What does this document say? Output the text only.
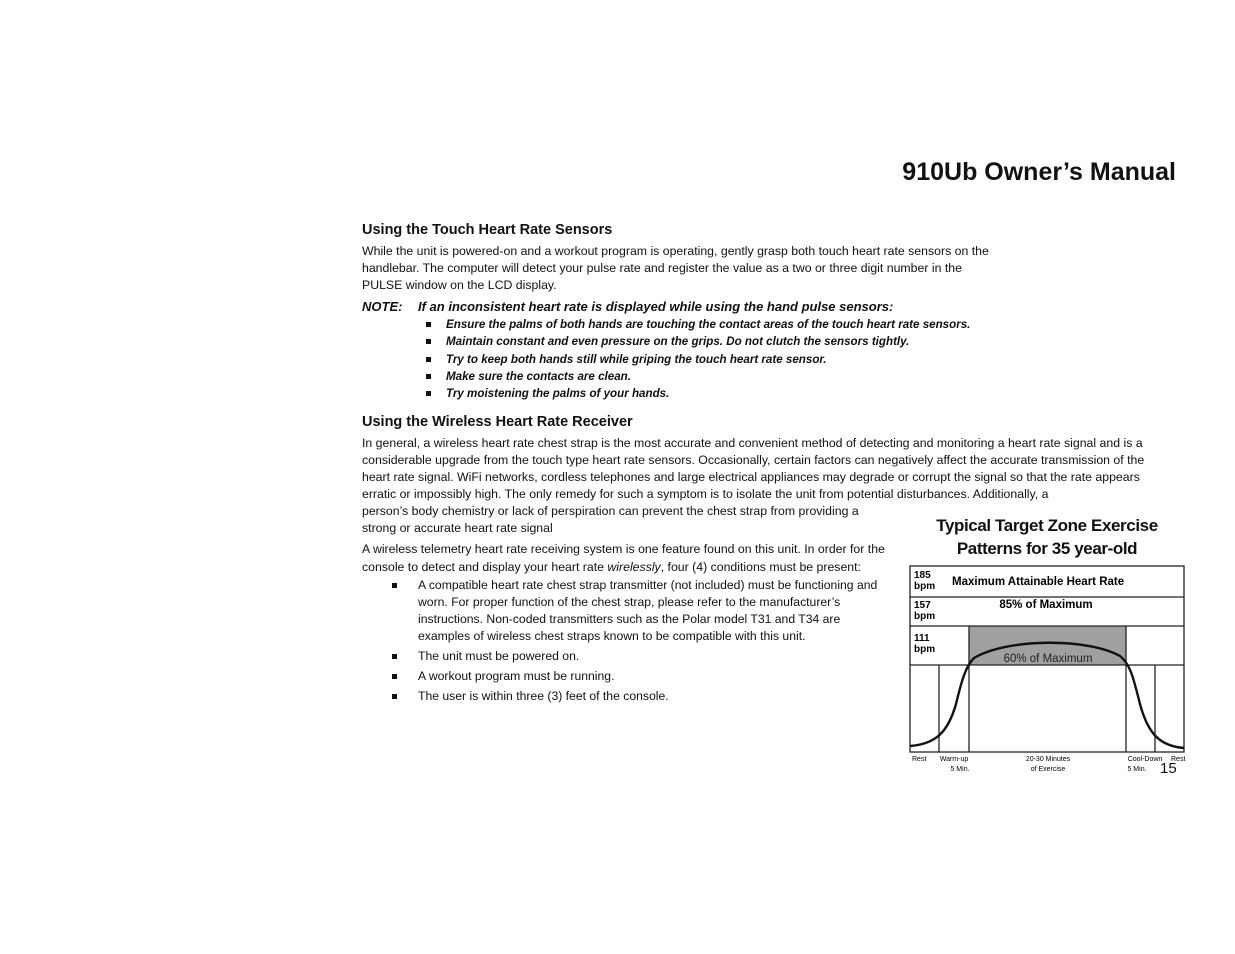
910Ub Owner’s Manual
Using the Touch Heart Rate Sensors

While the unit is powered-on and a workout program is operating, gently grasp both touch heart rate sensors on the handlebar. The computer will detect your pulse rate and register the value as a two or three digit number in the PULSE window on the LCD display.

NOTE:	If an inconsistent heart rate is displayed while using the hand pulse sensors:
Ensure the palms of both hands are touching the contact areas of the touch heart rate sensors.
Maintain constant and even pressure on the grips. Do not clutch the sensors tightly.
Try to keep both hands still while griping the touch heart rate sensor.
Make sure the contacts are clean.
Try moistening the palms of your hands.
Using the Wireless Heart Rate Receiver

In general, a wireless heart rate chest strap is the most accurate and convenient method of detecting and monitoring a heart rate signal and is a considerable upgrade from the touch type heart rate sensors. Occasionally, certain factors can negatively affect the accurate transmission of the heart rate signal. WiFi networks, cordless telephones and large electrical appliances may degrade or corrupt the signal so that the rate appears erratic or impossibly high. The only remedy for such a symptom is to isolate the unit from potential disturbances. Additionally, a

person’s body chemistry or lack of perspiration can prevent the chest strap from providing a strong or accurate heart rate signal

A wireless telemetry heart rate receiving system is one feature found on this unit. In order for the console to detect and display your heart rate wirelessly, four (4) conditions must be present:

A compatible heart rate chest strap transmitter (not included) must be functioning and worn. For proper function of the chest strap, please refer to the manufacturer’s instructions. Non-coded transmitters such as the Polar model T31 and T34 are examples of wireless chest straps known to be compatible with this unit.
The unit must be powered on.
A workout program must be running.
The user is within three (3) feet of the console.
Typical Target Zone Exercise
Patterns for 35 year-old
185
bpm Maximum Attainable Heart Rate
157
bpm
85% of Maximum
111
bpm
60% of Maximum
Rest Warm-up
5 Min.
20-30 Minutes
of Exercise
Cool-Down
5 Min.
Rest
15
